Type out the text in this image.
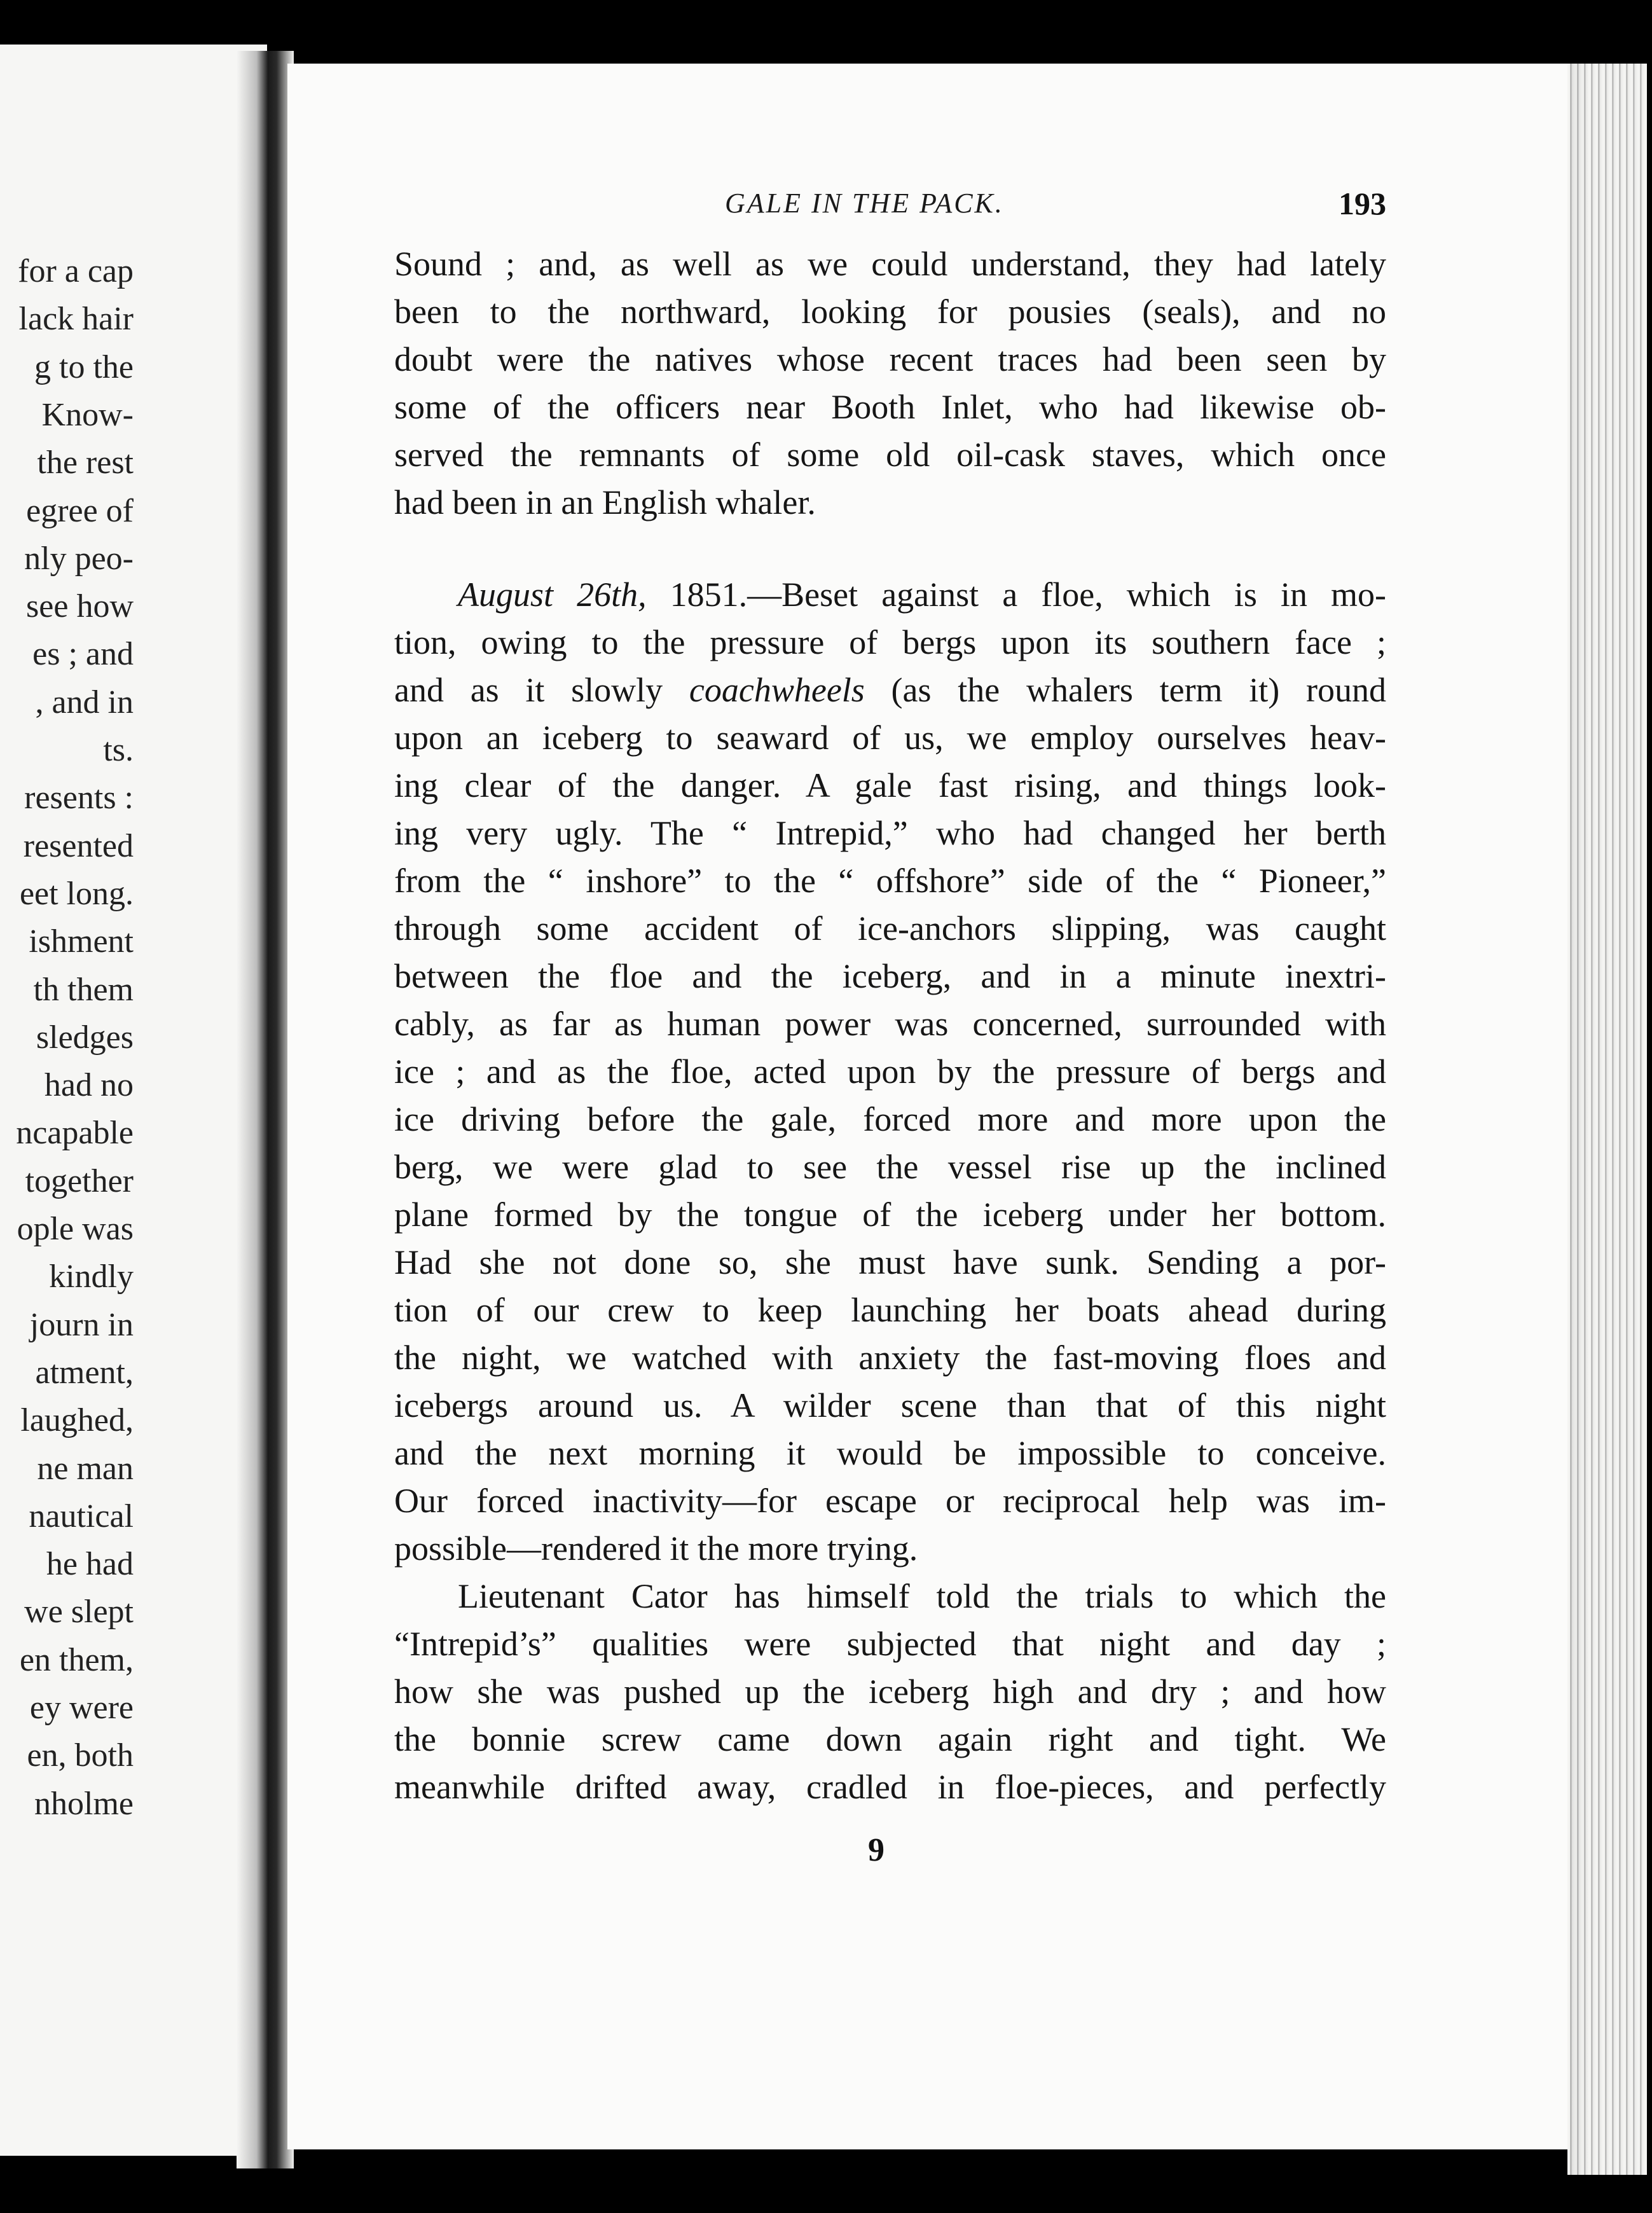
for a cap
lack hair
g to the
Know-
the rest
egree of
nly peo-
see how
es ; and
, and in
ts.
resents :
resented
eet long.
ishment
th them
sledges
had no
ncapable
together
ople was
kindly
journ in
atment,
laughed,
ne man
nautical
he had
we slept
en them,
ey were
en, both
nholme
GALE IN THE PACK.	193
Sound ; and, as well as we could understand, they had lately
been to the northward, looking for pousies (seals), and no
doubt were the natives whose recent traces had been seen by
some of the officers near Booth Inlet, who had likewise ob-
served the remnants of some old oil-cask staves, which once
had been in an English whaler.
August 26th, 1851.—Beset against a floe, which is in mo-
tion, owing to the pressure of bergs upon its southern face ;
and as it slowly coachwheels (as the whalers term it) round
upon an iceberg to seaward of us, we employ ourselves heav-
ing clear of the danger. A gale fast rising, and things look-
ing very ugly. The “ Intrepid,” who had changed her berth
from the “ inshore” to the “ offshore” side of the “ Pioneer,”
through some accident of ice-anchors slipping, was caught
between the floe and the iceberg, and in a minute inextri-
cably, as far as human power was concerned, surrounded with
ice ; and as the floe, acted upon by the pressure of bergs and
ice driving before the gale, forced more and more upon the
berg, we were glad to see the vessel rise up the inclined
plane formed by the tongue of the iceberg under her bottom.
Had she not done so, she must have sunk. Sending a por-
tion of our crew to keep launching her boats ahead during
the night, we watched with anxiety the fast-moving floes and
icebergs around us. A wilder scene than that of this night
and the next morning it would be impossible to conceive.
Our forced inactivity—for escape or reciprocal help was im-
possible—rendered it the more trying.
Lieutenant Cator has himself told the trials to which the
“Intrepid’s” qualities were subjected that night and day ;
how she was pushed up the iceberg high and dry ; and how
the bonnie screw came down again right and tight. We
meanwhile drifted away, cradled in floe-pieces, and perfectly
9
